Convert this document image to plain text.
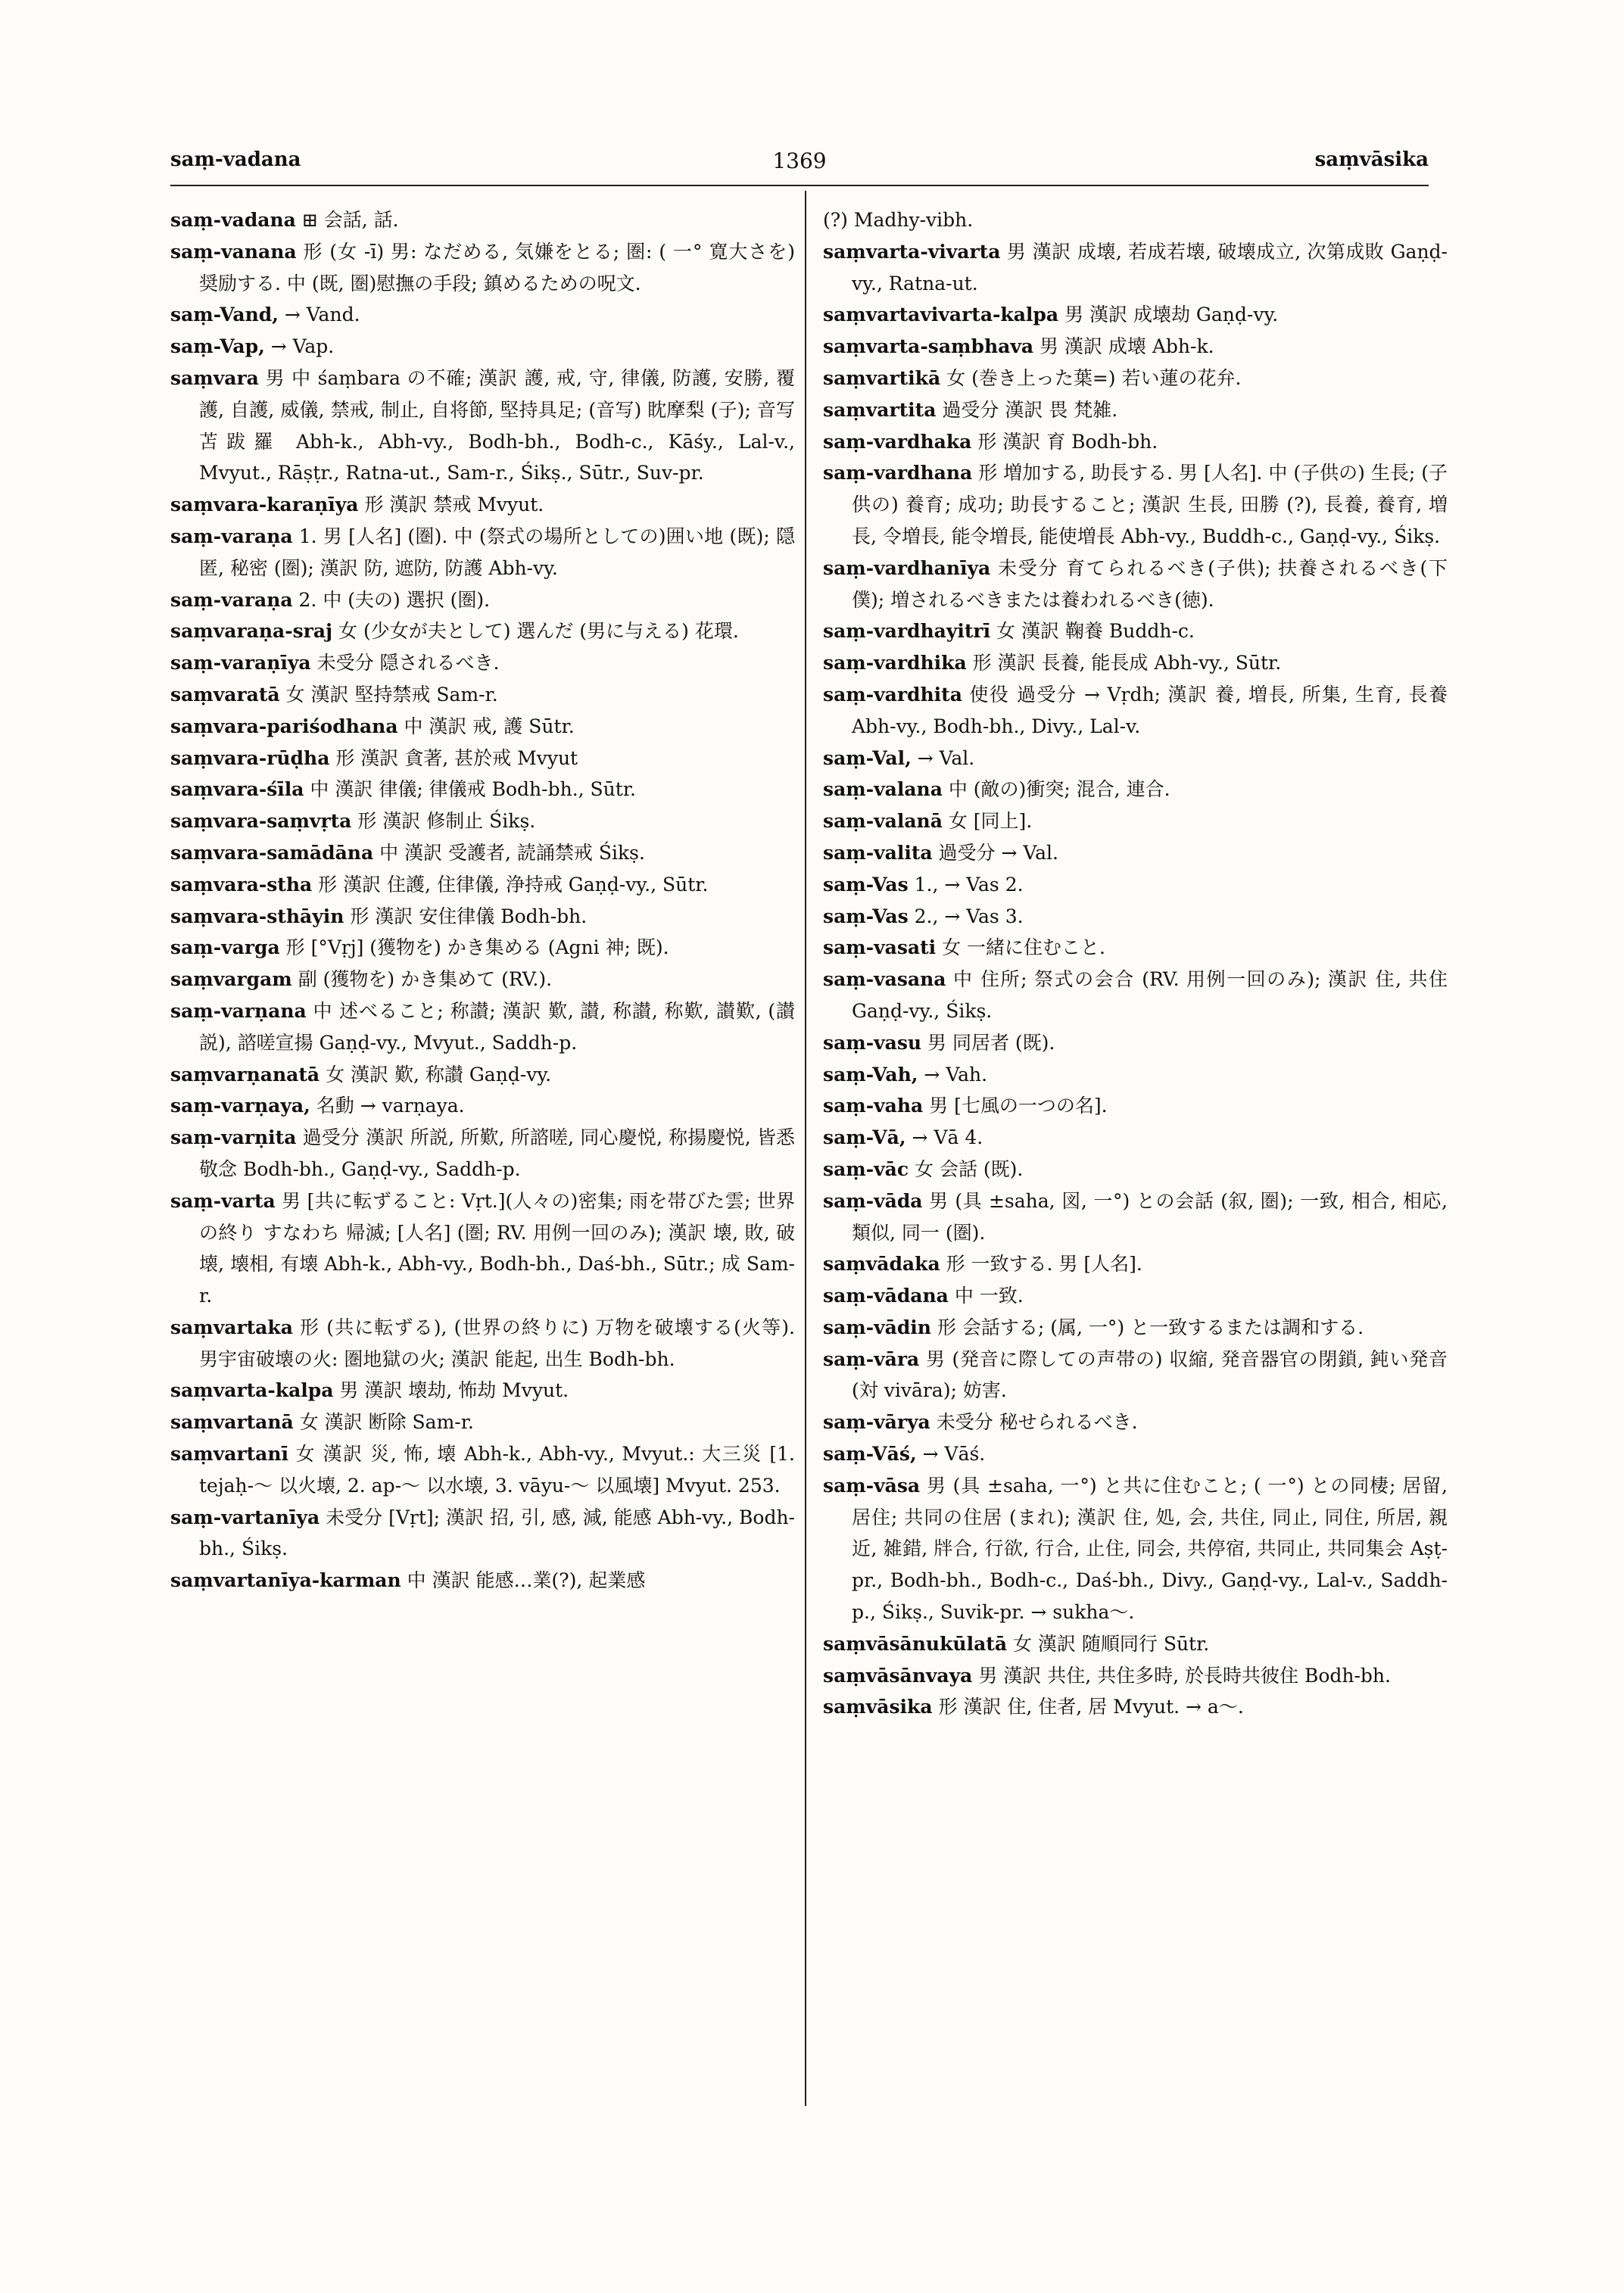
saṃ-vadana	1369	saṃvāsika

saṃ-vadana ⊞ 会話, 話.

saṃ-vanana 形 (女 -ī) 男: なだめる, 気嫌をとる; 圏: ( 一° 寛大さを) 奨励する. 中 (既, 圏)慰撫の手段; 鎮めるための呪文.

saṃ-Vand, → Vand.

saṃ-Vap, → Vap.

saṃvara 男 中 śaṃbara の不確; 漢訳 護, 戒, 守, 律儀, 防護, 安勝, 覆護, 自護, 威儀, 禁戒, 制止, 自将節, 堅持具足; (音写) 眈摩梨 (子); 音写 苫跋羅 Abh-k., Abh-vy., Bodh-bh., Bodh-c., Kāśy., Lal-v., Mvyut., Rāṣṭr., Ratna-ut., Sam-r., Śikṣ., Sūtr., Suv-pr.

saṃvara-karaṇīya 形 漢訳 禁戒 Mvyut.

saṃ-varaṇa 1. 男 [人名] (圏). 中 (祭式の場所としての)囲い地 (既); 隠匿, 秘密 (圏); 漢訳 防, 遮防, 防護 Abh-vy.

saṃ-varaṇa 2. 中 (夫の) 選択 (圏).

saṃvaraṇa-sraj 女 (少女が夫として) 選んだ (男に与える) 花環.

saṃ-varaṇīya 未受分 隠されるべき.

saṃvaratā 女 漢訳 堅持禁戒 Sam-r.

saṃvara-pariśodhana 中 漢訳 戒, 護 Sūtr.

saṃvara-rūḍha 形 漢訳 貪著, 甚於戒 Mvyut

saṃvara-śīla 中 漢訳 律儀; 律儀戒 Bodh-bh., Sūtr.

saṃvara-saṃvṛta 形 漢訳 修制止 Śikṣ.

saṃvara-samādāna 中 漢訳 受護者, 読誦禁戒 Śikṣ.

saṃvara-stha 形 漢訳 住護, 住律儀, 浄持戒 Gaṇḍ-vy., Sūtr.

saṃvara-sthāyin 形 漢訳 安住律儀 Bodh-bh.

saṃ-varga 形 [°Vṛj] (獲物を) かき集める (Agni 神; 既).

saṃvargam 副 (獲物を) かき集めて (RV.).

saṃ-varṇana 中 述べること; 称讃; 漢訳 歎, 讃, 称讃, 称歎, 讃歎, (讃説), 諮嗟宣揚 Gaṇḍ-vy., Mvyut., Saddh-p.

saṃvarṇanatā 女 漢訳 歎, 称讃 Gaṇḍ-vy.

saṃ-varṇaya, 名動 → varṇaya.

saṃ-varṇita 過受分 漢訳 所説, 所歎, 所諮嗟, 同心慶悦, 称揚慶悦, 皆悉敬念 Bodh-bh., Gaṇḍ-vy., Saddh-p.

saṃ-varta 男 [共に転ずること: Vṛt.](人々の)密集; 雨を帯びた雲; 世界の終り すなわち 帰滅; [人名] (圏; RV. 用例一回のみ); 漢訳 壊, 敗, 破壊, 壊相, 有壊 Abh-k., Abh-vy., Bodh-bh., Daś-bh., Sūtr.; 成 Sam-r.

saṃvartaka 形 (共に転ずる), (世界の終りに) 万物を破壊する(火等). 男宇宙破壊の火: 圏地獄の火; 漢訳 能起, 出生 Bodh-bh.

saṃvarta-kalpa 男 漢訳 壊劫, 怖劫 Mvyut.

saṃvartanā 女 漢訳 断除 Sam-r.

saṃvartanī 女 漢訳 災, 怖, 壊 Abh-k., Abh-vy., Mvyut.: 大三災 [1. tejaḥ-～ 以火壊, 2. ap-～ 以水壊, 3. vāyu-～ 以風壊] Mvyut. 253.

saṃ-vartanīya 未受分 [Vṛt]; 漢訳 招, 引, 感, 減, 能感 Abh-vy., Bodh-bh., Śikṣ.

saṃvartanīya-karman 中 漢訳 能感…業(?), 起業感

(?) Madhy-vibh.

saṃvarta-vivarta 男 漢訳 成壊, 若成若壊, 破壊成立, 次第成敗 Gaṇḍ-vy., Ratna-ut.

saṃvartavivarta-kalpa 男 漢訳 成壊劫 Gaṇḍ-vy.

saṃvarta-saṃbhava 男 漢訳 成壊 Abh-k.

saṃvartikā 女 (巻き上った葉=) 若い蓮の花弁.

saṃvartita 過受分 漢訳 畏 梵雑.

saṃ-vardhaka 形 漢訳 育 Bodh-bh.

saṃ-vardhana 形 増加する, 助長する. 男 [人名]. 中 (子供の) 生長; (子供の) 養育; 成功; 助長すること; 漢訳 生長, 田勝 (?), 長養, 養育, 増長, 令増長, 能令増長, 能使増長 Abh-vy., Buddh-c., Gaṇḍ-vy., Śikṣ.

saṃ-vardhanīya 未受分 育てられるべき(子供); 扶養されるべき(下僕); 増されるべきまたは養われるべき(徳).

saṃ-vardhayitrī 女 漢訳 鞠養 Buddh-c.

saṃ-vardhika 形 漢訳 長養, 能長成 Abh-vy., Sūtr.

saṃ-vardhita 使役 過受分 → Vṛdh; 漢訳 養, 増長, 所集, 生育, 長養 Abh-vy., Bodh-bh., Divy., Lal-v.

saṃ-Val, → Val.

saṃ-valana 中 (敵の)衝突; 混合, 連合.

saṃ-valanā 女 [同上].

saṃ-valita 過受分 → Val.

saṃ-Vas 1., → Vas 2.

saṃ-Vas 2., → Vas 3.

saṃ-vasati 女 一緒に住むこと.

saṃ-vasana 中 住所; 祭式の会合 (RV. 用例一回のみ); 漢訳 住, 共住 Gaṇḍ-vy., Śikṣ.

saṃ-vasu 男 同居者 (既).

saṃ-Vah, → Vah.

saṃ-vaha 男 [七風の一つの名].

saṃ-Vā, → Vā 4.

saṃ-vāc 女 会話 (既).

saṃ-vāda 男 (具 ±saha, 図, 一°) との会話 (叙, 圏); 一致, 相合, 相応, 類似, 同一 (圏).

saṃvādaka 形 一致する. 男 [人名].

saṃ-vādana 中 一致.

saṃ-vādin 形 会話する; (属, 一°) と一致するまたは調和する.

saṃ-vāra 男 (発音に際しての声帯の) 収縮, 発音器官の閉鎖, 鈍い発音 (対 vivāra); 妨害.

saṃ-vārya 未受分 秘せられるべき.

saṃ-Vāś, → Vāś.

saṃ-vāsa 男 (具 ±saha, 一°) と共に住むこと; ( 一°) との同棲; 居留, 居住; 共同の住居 (まれ); 漢訳 住, 処, 会, 共住, 同止, 同住, 所居, 親近, 雑錯, 牉合, 行欲, 行合, 止住, 同会, 共停宿, 共同止, 共同集会 Aṣṭ-pr., Bodh-bh., Bodh-c., Daś-bh., Divy., Gaṇḍ-vy., Lal-v., Saddh-p., Śikṣ., Suvik-pr. → sukha～.

saṃvāsānukūlatā 女 漢訳 随順同行 Sūtr.

saṃvāsānvaya 男 漢訳 共住, 共住多時, 於長時共彼住 Bodh-bh.

saṃvāsika 形 漢訳 住, 住者, 居 Mvyut. → a～.
